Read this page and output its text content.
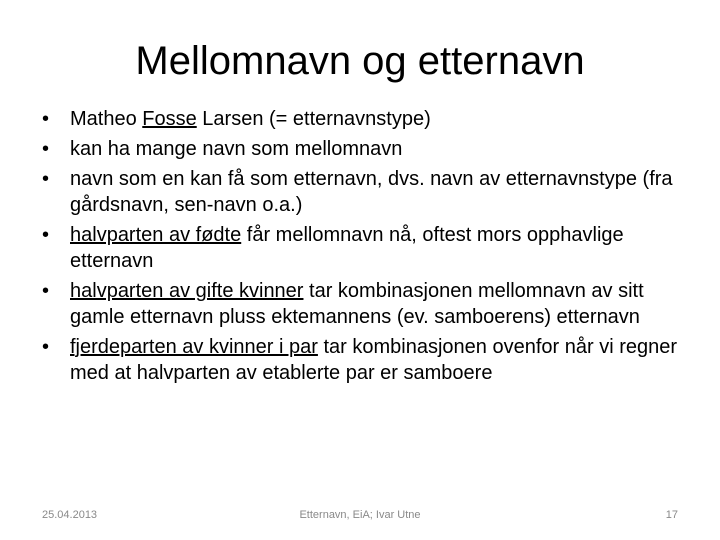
Mellomnavn og etternavn
•	Matheo Fosse Larsen (= etternavnstype)
•	kan ha mange navn som mellomnavn
•	navn som en kan få som etternavn, dvs. navn av etternavnstype (fra gårdsnavn, sen-navn o.a.)
•	halvparten av fødte får mellomnavn nå, oftest mors opphavlige etternavn
•	halvparten av gifte kvinner tar kombinasjonen mellomnavn av sitt gamle etternavn pluss ektemannens (ev. samboerens) etternavn
•	fjerdeparten av kvinner i par tar kombinasjonen ovenfor når vi regner med at halvparten av etablerte par er samboere
25.04.2013	Etternavn, EiA; Ivar Utne	17
